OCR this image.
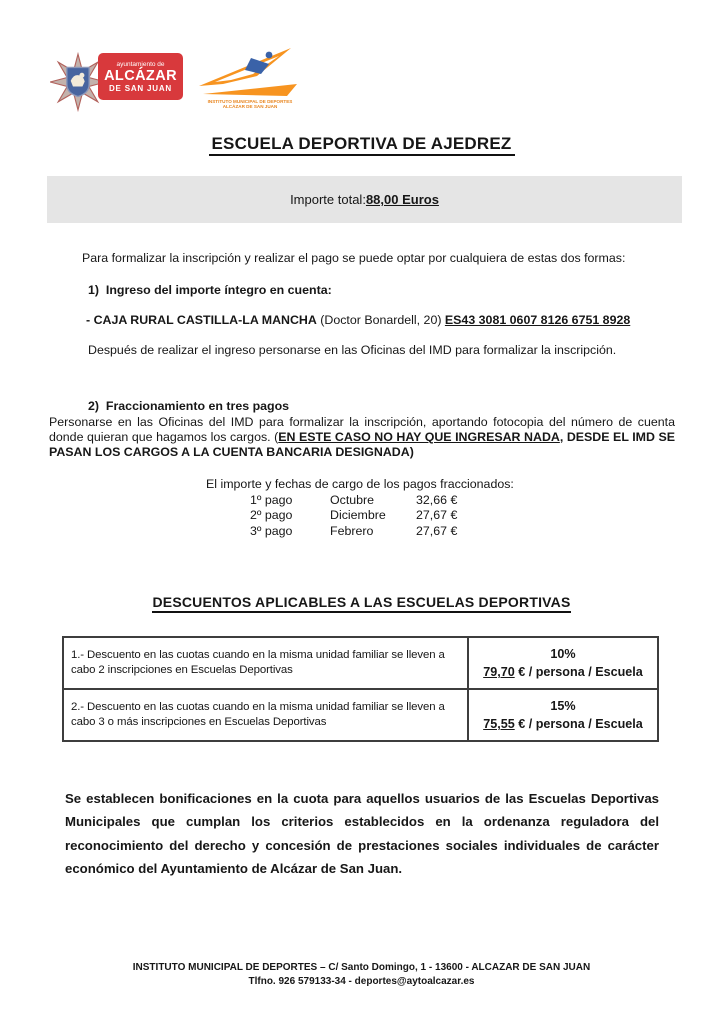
ayuntamiento de
ALCÁZAR
DE SAN JUAN
INSTITUTO MUNICIPAL DE DEPORTES
ALCÁZAR DE SAN JUAN
ESCUELA DEPORTIVA DE AJEDREZ
Importe total: 88,00 Euros
Para formalizar la inscripción y realizar el pago se puede optar por cualquiera de estas dos formas:
1)  Ingreso del importe íntegro en cuenta:
- CAJA RURAL CASTILLA-LA MANCHA (Doctor Bonardell, 20) ES43 3081 0607 8126 6751 8928
Después de realizar el ingreso personarse en las Oficinas del IMD para formalizar la inscripción.
2)  Fraccionamiento en tres pagos
Personarse en las Oficinas del IMD para formalizar la inscripción, aportando fotocopia del número de cuenta donde quieran que hagamos los cargos. (EN ESTE CASO NO HAY QUE INGRESAR NADA, DESDE EL IMD SE PASAN LOS CARGOS A LA CUENTA BANCARIA DESIGNADA)
El importe y fechas de cargo de los pagos fraccionados:
1º pago	Octubre	32,66 €
2º pago	Diciembre	27,67 €
3º pago	Febrero	27,67 €
DESCUENTOS APLICABLES A LAS ESCUELAS DEPORTIVAS
1.- Descuento en las cuotas cuando en la misma unidad familiar se lleven a cabo 2 inscripciones en Escuelas Deportivas	10%
79,70 € / persona / Escuela
2.- Descuento en las cuotas cuando en la misma unidad familiar se lleven a cabo 3 o más inscripciones en Escuelas Deportivas	15%
75,55 € / persona / Escuela
Se establecen bonificaciones en la cuota para aquellos usuarios de las Escuelas Deportivas Municipales que cumplan los criterios establecidos en la ordenanza reguladora del reconocimiento del derecho y concesión de prestaciones sociales individuales de carácter económico del Ayuntamiento de Alcázar de San Juan.
INSTITUTO MUNICIPAL DE DEPORTES – C/ Santo Domingo, 1 - 13600 - ALCAZAR DE SAN JUAN
Tlfno. 926 579133-34 - deportes@aytoalcazar.es
